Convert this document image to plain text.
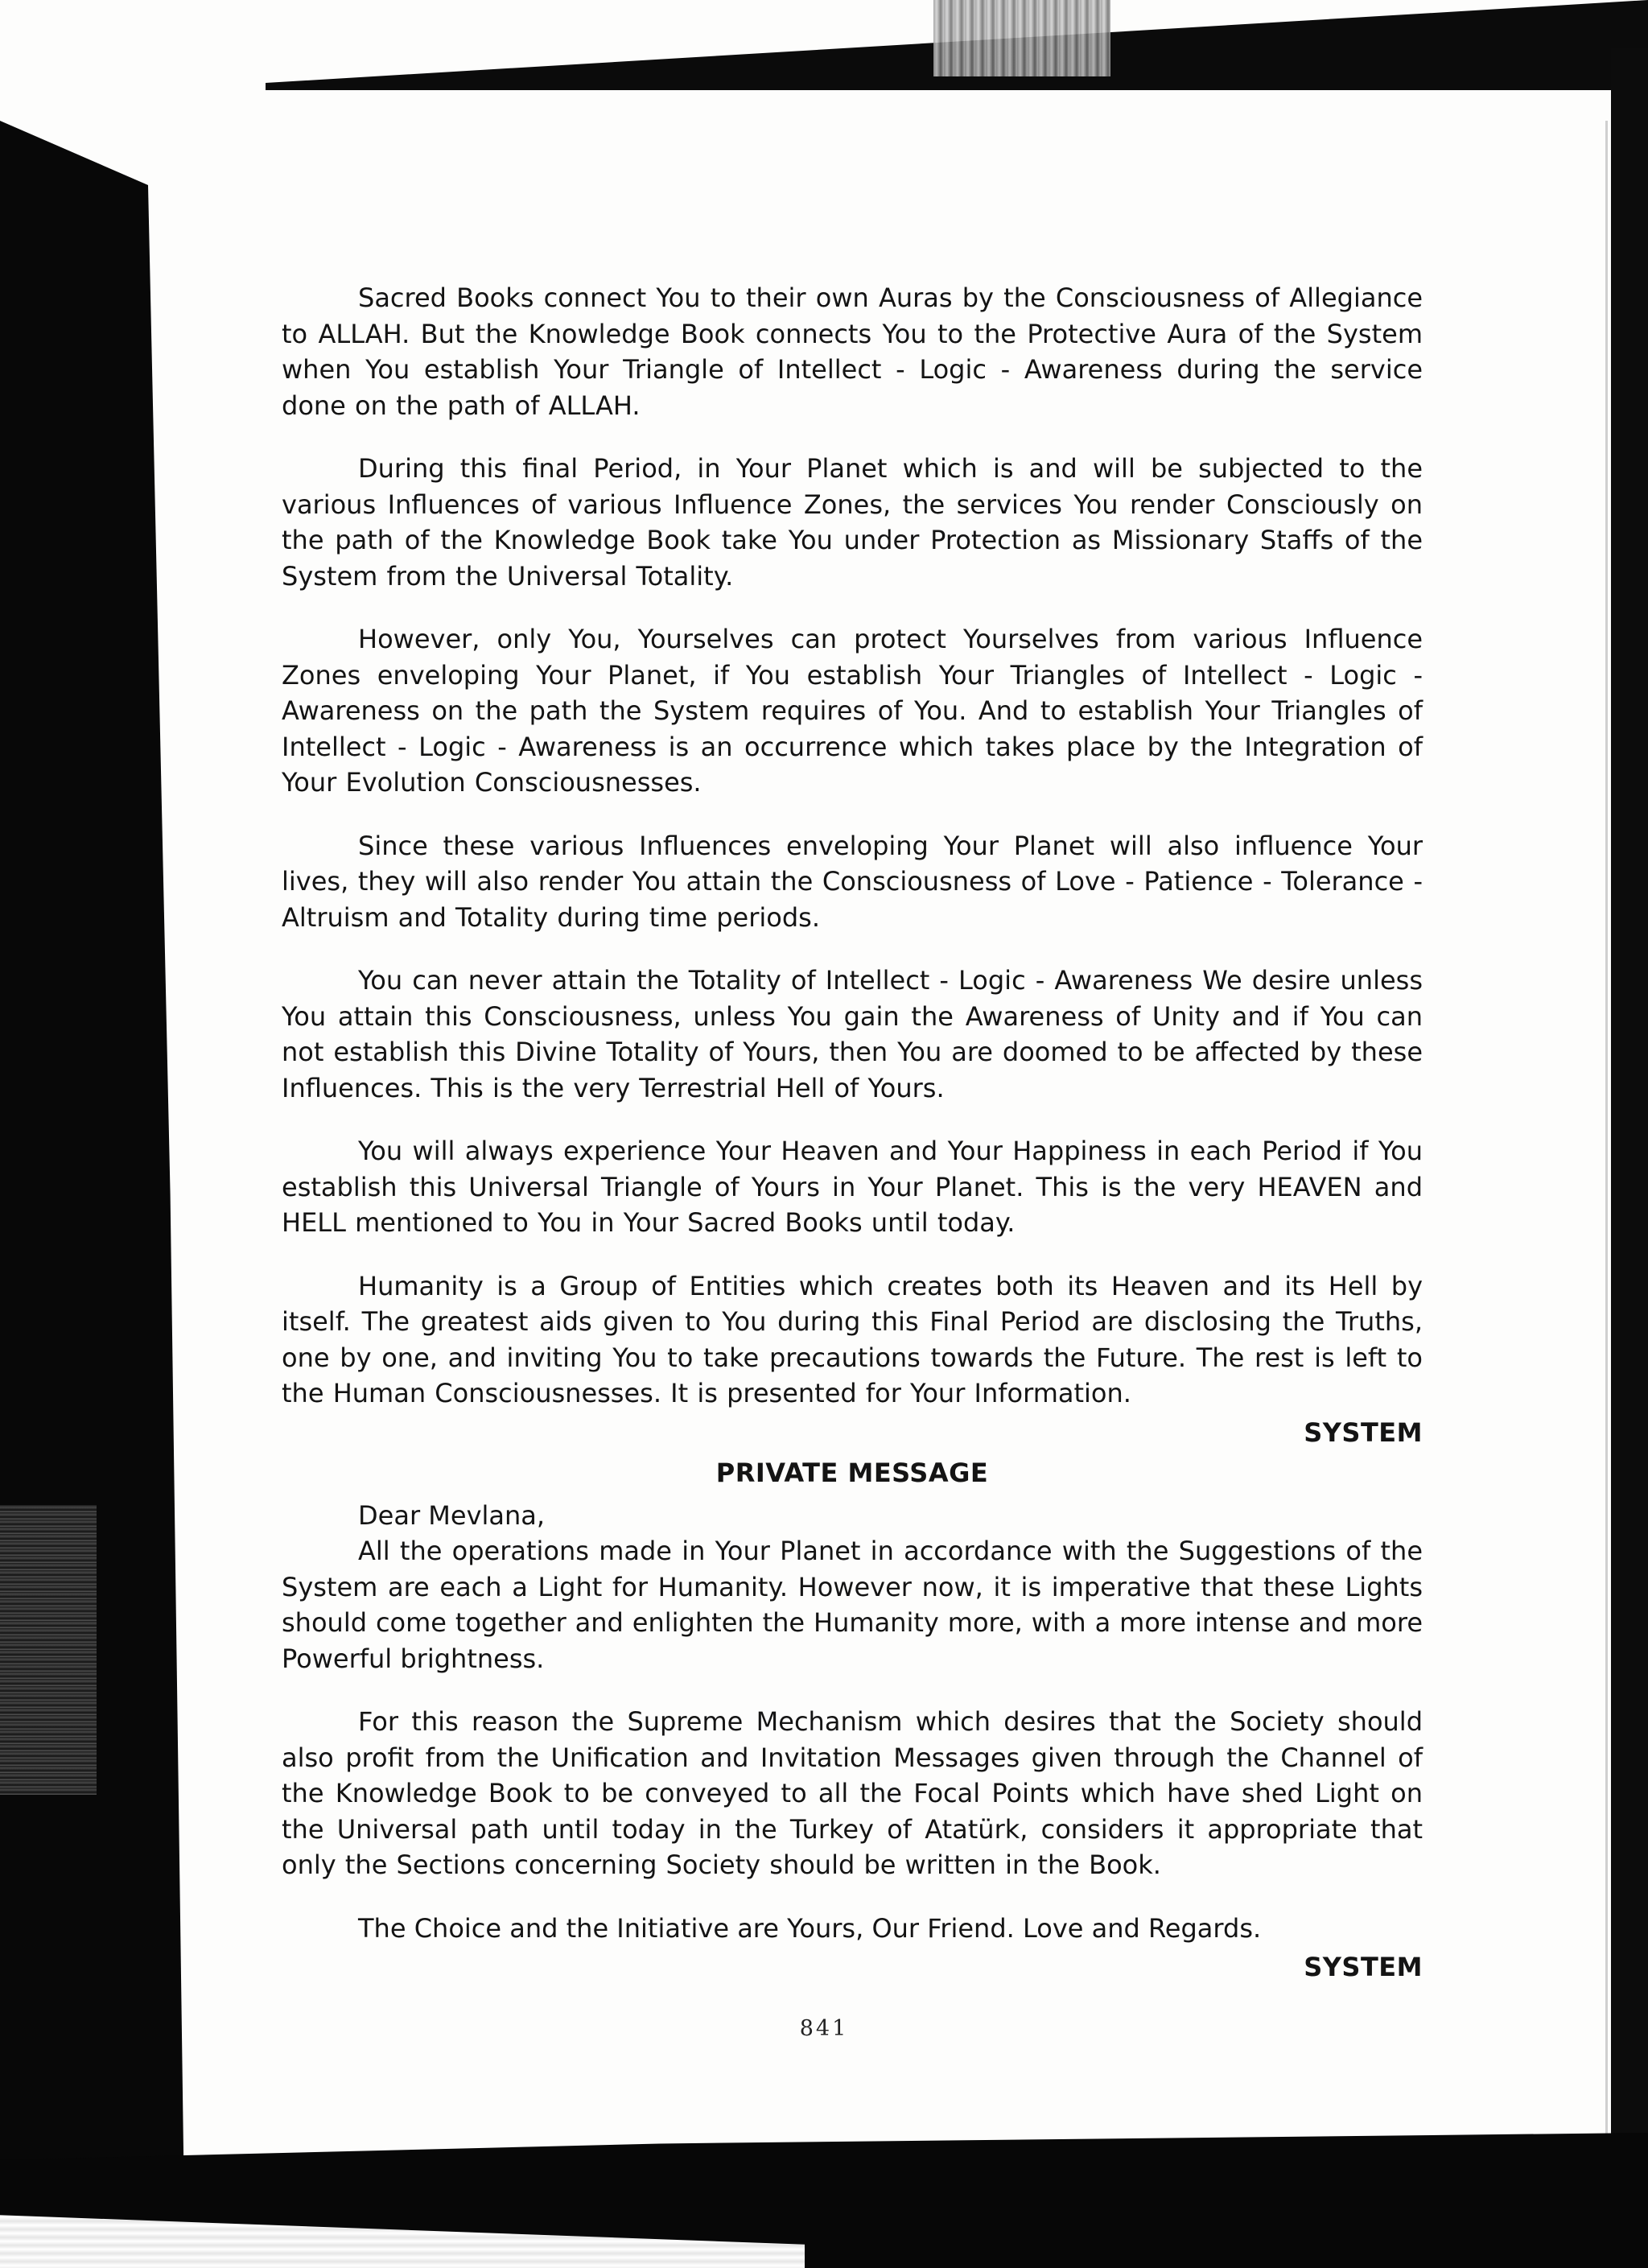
Sacred Books connect You to their own Auras by the Consciousness of Allegiance to ALLAH. But the Knowledge Book connects You to the Protective Aura of the System when You establish Your Triangle of Intellect - Logic - Awareness during the service done on the path of ALLAH.

During this final Period, in Your Planet which is and will be subjected to the various Influences of various Influence Zones, the services You render Consciously on the path of the Knowledge Book take You under Protection as Missionary Staffs of the System from the Universal Totality.

However, only You, Yourselves can protect Yourselves from various Influence Zones enveloping Your Planet, if You establish Your Triangles of Intellect - Logic - Awareness on the path the System requires of You. And to establish Your Triangles of Intellect - Logic - Awareness is an occurrence which takes place by the Integration of Your Evolution Consciousnesses.

Since these various Influences enveloping Your Planet will also influence Your lives, they will also render You attain the Consciousness of Love - Patience - Tolerance - Altruism and Totality during time periods.

You can never attain the Totality of Intellect - Logic - Awareness We desire unless You attain this Consciousness, unless You gain the Awareness of Unity and if You can not establish this Divine Totality of Yours, then You are doomed to be affected by these Influences. This is the very Terrestrial Hell of Yours.

You will always experience Your Heaven and Your Happiness in each Period if You establish this Universal Triangle of Yours in Your Planet. This is the very HEAVEN and HELL mentioned to You in Your Sacred Books until today.

Humanity is a Group of Entities which creates both its Heaven and its Hell by itself. The greatest aids given to You during this Final Period are disclosing the Truths, one by one, and inviting You to take precautions towards the Future. The rest is left to the Human Consciousnesses. It is presented for Your Information.

SYSTEM

PRIVATE MESSAGE

Dear Mevlana,

All the operations made in Your Planet in accordance with the Suggestions of the System are each a Light for Humanity. However now, it is imperative that these Lights should come together and enlighten the Humanity more, with a more intense and more Powerful brightness.

For this reason the Supreme Mechanism which desires that the Society should also profit from the Unification and Invitation Messages given through the Channel of the Knowledge Book to be conveyed to all the Focal Points which have shed Light on the Universal path until today in the Turkey of Atatürk, considers it appropriate that only the Sections concerning Society should be written in the Book.

The Choice and the Initiative are Yours, Our Friend. Love and Regards.

SYSTEM

841
